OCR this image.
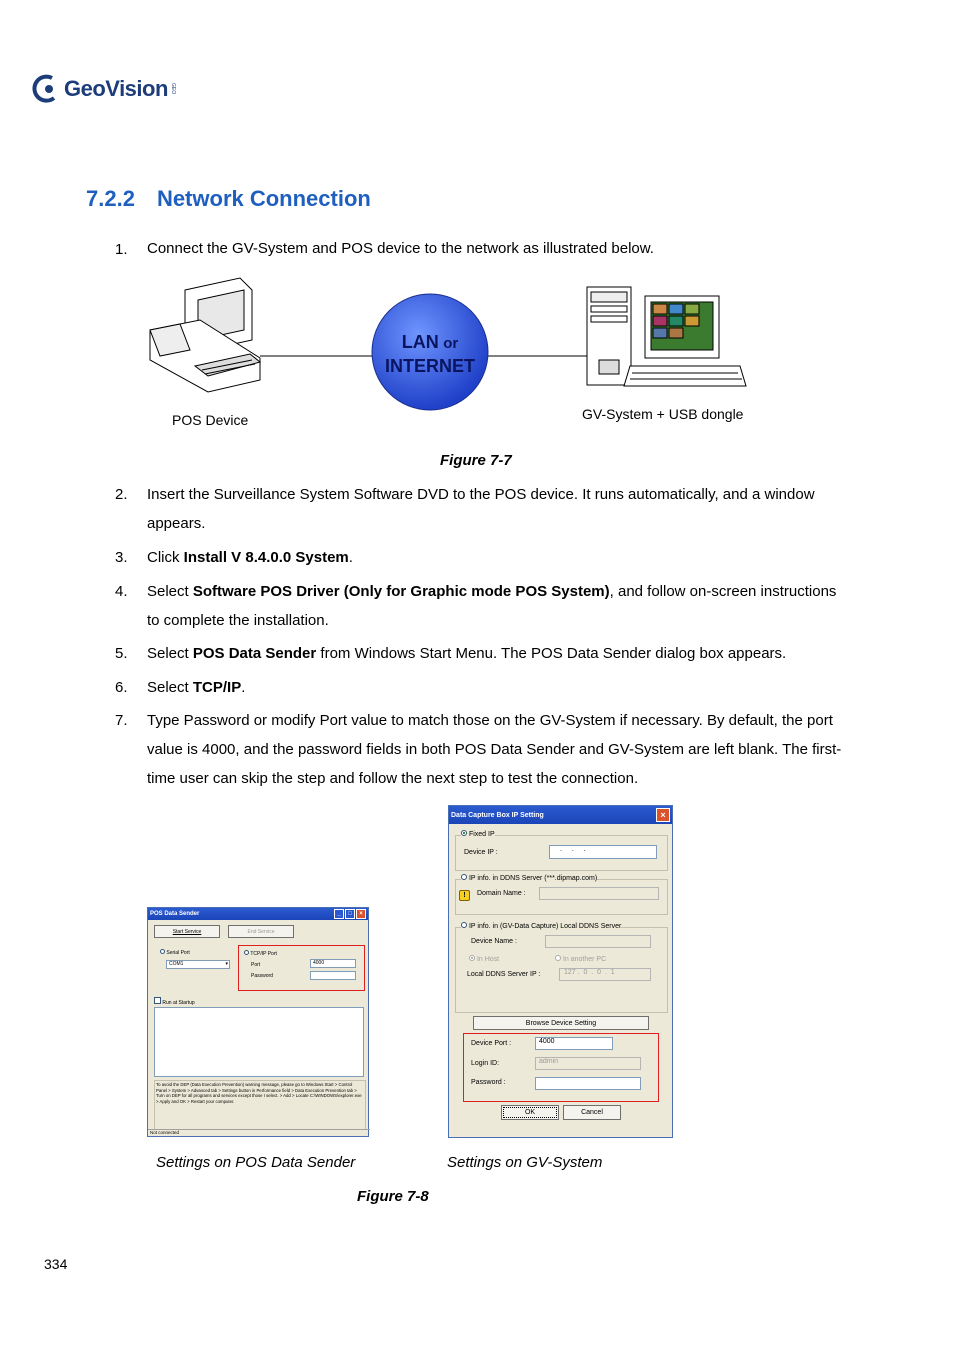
GeoVision GEO
7.2.2 Network Connection
1. Connect the GV-System and POS device to the network as illustrated below.
POS Device	GV-System + USB dongle
LAN or
INTERNET
Figure 7-7
2. Insert the Surveillance System Software DVD to the POS device. It runs automatically, and a window appears.
3. Click Install V 8.4.0.0 System.
4. Select Software POS Driver (Only for Graphic mode POS System), and follow on-screen instructions to complete the installation.
5. Select POS Data Sender from Windows Start Menu. The POS Data Sender dialog box appears.
6. Select TCP/IP.
7. Type Password or modify Port value to match those on the GV-System if necessary. By default, the port value is 4000, and the password fields in both POS Data Sender and GV-System are left blank. The first-time user can skip the step and follow the next step to test the connection.
POS Data Sender	_	□	×
Start Service	End Service
Serial Port
COM1	▾
TCP/IP Port
Port	4000
Password
Run at Startup
To avoid the DEP (Data Execution Prevention) warning message, please go to Windows Start > Control Panel > System > Advanced tab > Settings button in Performance field > Data Execution Prevention tab > Turn on DEP for all programs and services except those I select. > Add > Locate C:\WINDOWS\explorer.exe > Apply and OK > Restart your computer.
Not connected
Data Capture Box IP Setting	×
Fixed IP
Device IP :	. . .
IP info. in DDNS Server (***.dipmap.com)
!	Domain Name :
IP info. in (GV-Data Capture) Local DDNS Server
Device Name :
In Host	In another PC
Local DDNS Server IP :	127 .  0  .  0  .  1
Browse Device Setting
Device Port :	4000
Login ID:	admin
Password :
OK	Cancel
Settings on POS Data Sender	Settings on GV-System
Figure 7-8
334
